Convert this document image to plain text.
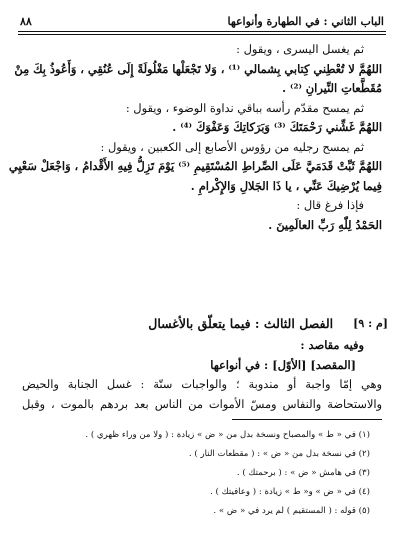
الباب الثاني : في الطهارة وأنواعها
٨٨
ثم يغسل اليسرى ، ويقول :
اللهُمَّ لا تُعْطِني كِتابي بِشمالي ⁽¹⁾ ، وَلا تَجْعَلْها مَغْلُولَةً إِلَى عُنُقِي ، وَأَعُوذُ بِكَ مِنْ
مُقَطَّعاتِ النِّيرانِ ⁽²⁾ .
ثم يمسح مقدّم رأسه بباقي نداوة الوضوء ، ويقول :
اللهُمَّ غَشِّني رَحْمَتَكَ ⁽³⁾ وَبَرَكاتِكَ وَعَفْوَكَ ⁽⁴⁾ .
ثم يمسح رجليه من رؤوس الأصابع إلى الكعبين ، ويقول :
اللهُمَّ ثَبِّتْ قَدَمَيَّ عَلَى الصِّراطِ المُسْتَقِيمِ ⁽⁵⁾ يَوْمَ تَزِلُّ فِيهِ الأَقْدامُ ، وَاجْعَلْ سَعْيِي
فِيما يُرْضِيكَ عَنِّي ، يا ذَا الجَلالِ وَالإِكْرامِ .
فإذا فرغ قال :
الحَمْدُ لِلّٰهِ رَبِّ العالَمِينَ .
[م : ٩]
الفصل الثالث : فيما يتعلّق بالأغسال
وفيه مقاصد :
[المقصد] [الأوّل] : في أنواعها
وهي إمّا واجبة أو مندوبة ؛ والواجبات ستّة : غسل الجنابة والحيض
والاستحاضة والنفاس ومسّ الأموات من الناس بعد بردهم بالموت ، وقبل
(١) في « ط » والمصباح ونسخة بدل من « ض » زيادة : ( ولا من وراء ظهري ) .
(٢) في نسخة بدل من « ض » : ( مقطعات النار ) .
(٣) في هامش « ض » : ( برحمتك ) .
(٤) في « ض » و« ط » زيادة : ( وعافيتك ) .
(٥) قوله : ( المستقيم ) لم يرد في « ض » .
